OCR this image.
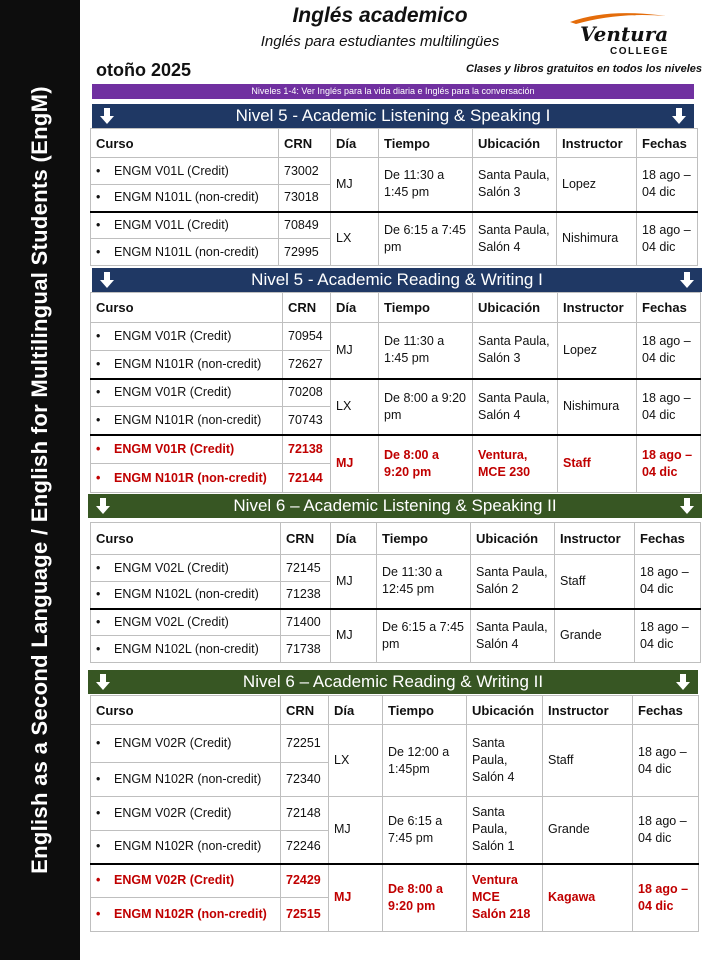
English as a Second Language / English for Multilingual Students (EngM)
Inglés academico
Inglés para estudiantes multilingües
otoño 2025	Clases y libros gratuitos en todos los niveles
Ventura
COLLEGE
Niveles 1-4: Ver Inglés para la vida diaria e Inglés para la conversación
Nivel 5 - Academic Listening & Speaking I
Curso	CRN	Día	Tiempo	Ubicación	Instructor	Fechas
• ENGM V01L (Credit)	73002	MJ	De 11:30 a 1:45 pm	Santa Paula, Salón 3	Lopez	18 ago – 04 dic
• ENGM N101L (non-credit)	73018					
• ENGM V01L (Credit)	70849	LX	De 6:15 a 7:45 pm	Santa Paula, Salón 4	Nishimura	18 ago – 04 dic
• ENGM N101L (non-credit)	72995					
Nivel 5 - Academic Reading & Writing I
Curso	CRN	Día	Tiempo	Ubicación	Instructor	Fechas
• ENGM V01R (Credit)	70954	MJ	De 11:30 a 1:45 pm	Santa Paula, Salón 3	Lopez	18 ago – 04 dic
• ENGM N101R (non-credit)	72627					
• ENGM V01R (Credit)	70208	LX	De 8:00 a 9:20 pm	Santa Paula, Salón 4	Nishimura	18 ago – 04 dic
• ENGM N101R (non-credit)	70743					
• ENGM V01R (Credit)	72138	MJ	De 8:00 a 9:20 pm	Ventura, MCE 230	Staff	18 ago – 04 dic
• ENGM N101R (non-credit)	72144					
Nivel 6 – Academic Listening & Speaking II
Curso	CRN	Día	Tiempo	Ubicación	Instructor	Fechas
• ENGM V02L (Credit)	72145	MJ	De 11:30 a 12:45 pm	Santa Paula, Salón 2	Staff	18 ago – 04 dic
• ENGM N102L (non-credit)	71238					
• ENGM V02L (Credit)	71400	MJ	De 6:15 a 7:45 pm	Santa Paula, Salón 4	Grande	18 ago – 04 dic
• ENGM N102L (non-credit)	71738					
Nivel 6 – Academic Reading & Writing II
Curso	CRN	Día	Tiempo	Ubicación	Instructor	Fechas
• ENGM V02R (Credit)	72251	LX	De 12:00 a 1:45pm	Santa Paula, Salón 4	Staff	18 ago – 04 dic
• ENGM N102R (non-credit)	72340					
• ENGM V02R (Credit)	72148	MJ	De 6:15 a 7:45 pm	Santa Paula, Salón 1	Grande	18 ago – 04 dic
• ENGM N102R (non-credit)	72246					
• ENGM V02R (Credit)	72429	MJ	De 8:00 a 9:20 pm	Ventura MCE Salón 218	Kagawa	18 ago – 04 dic
• ENGM N102R (non-credit)	72515					
